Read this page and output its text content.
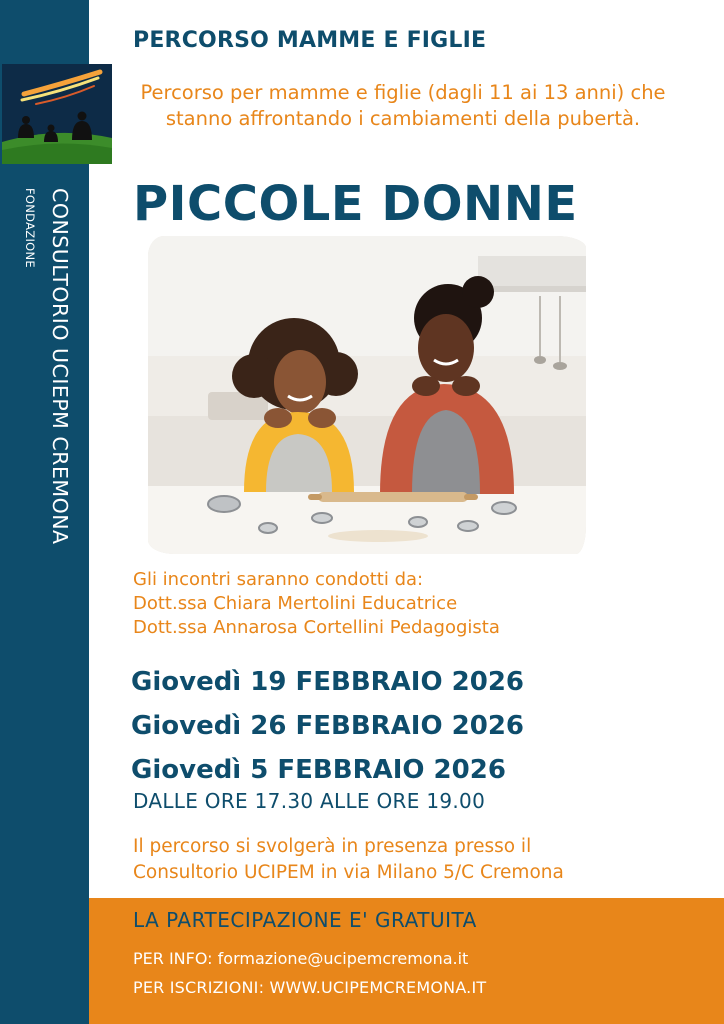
CONSULTORIO UCIEPM CREMONA
FONDAZIONE
PERCORSO MAMME E FIGLIE
Percorso per mamme e figlie (dagli 11 ai 13 anni) che stanno affrontando i cambiamenti della pubertà.
PICCOLE DONNE
Gli incontri saranno condotti da:
Dott.ssa Chiara Mertolini Educatrice
Dott.ssa Annarosa Cortellini Pedagogista
Giovedì 19 FEBBRAIO 2026
Giovedì 26 FEBBRAIO 2026
Giovedì 5 FEBBRAIO 2026
DALLE ORE 17.30 ALLE ORE 19.00
Il percorso si svolgerà in presenza presso il
Consultorio UCIPEM in via Milano 5/C Cremona
LA PARTECIPAZIONE E' GRATUITA
PER INFO: formazione@ucipemcremona.it
PER ISCRIZIONI: WWW.UCIPEMCREMONA.IT
